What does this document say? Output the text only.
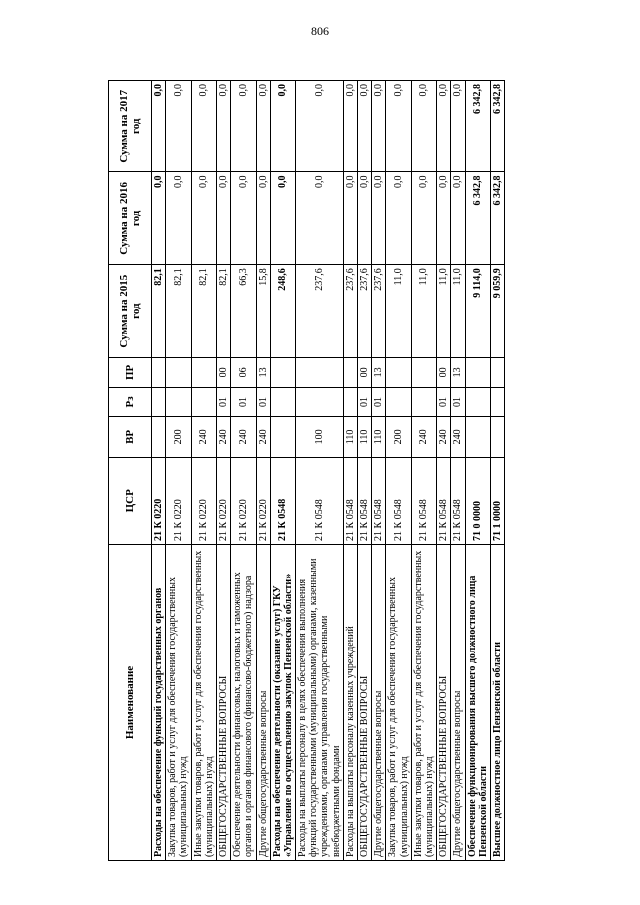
806
Наименование	ЦСР	ВР	Рз	ПР	Сумма на 2015 год	Сумма на 2016 год	Сумма на 2017 год
Расходы на обеспечение функций государственных органов	21 К 0220				82,1	0,0	0,0
Закупка товаров, работ и услуг для обеспечения государственных (муниципальных) нужд	21 К 0220	200			82,1	0,0	0,0
Иные закупки товаров, работ и услуг для обеспечения государственных (муниципальных) нужд	21 К 0220	240			82,1	0,0	0,0
ОБЩЕГОСУДАРСТВЕННЫЕ ВОПРОСЫ	21 К 0220	240	01	00	82,1	0,0	0,0
Обеспечение деятельности финансовых, налоговых и таможенных органов и органов финансового (финансово-бюджетного) надзора	21 К 0220	240	01	06	66,3	0,0	0,0
Другие общегосударственные вопросы	21 К 0220	240	01	13	15,8	0,0	0,0
Расходы на обеспечение деятельности (оказание услуг) ГКУ «Управление по осуществлению закупок Пензенской области»	21 К 0548				248,6	0,0	0,0
Расходы на выплаты персоналу в целях обеспечения выполнения функций государственными (муниципальными) органами, казенными учреждениями, органами управления государственными внебюджетными фондами	21 К 0548	100			237,6	0,0	0,0
Расходы на выплаты персоналу казенных учреждений	21 К 0548	110			237,6	0,0	0,0
ОБЩЕГОСУДАРСТВЕННЫЕ ВОПРОСЫ	21 К 0548	110	01	00	237,6	0,0	0,0
Другие общегосударственные вопросы	21 К 0548	110	01	13	237,6	0,0	0,0
Закупка товаров, работ и услуг для обеспечения государственных (муниципальных) нужд	21 К 0548	200			11,0	0,0	0,0
Иные закупки товаров, работ и услуг для обеспечения государственных (муниципальных) нужд	21 К 0548	240			11,0	0,0	0,0
ОБЩЕГОСУДАРСТВЕННЫЕ ВОПРОСЫ	21 К 0548	240	01	00	11,0	0,0	0,0
Другие общегосударственные вопросы	21 К 0548	240	01	13	11,0	0,0	0,0
Обеспечение функционирования высшего должностного лица Пензенской области	71 0 0000				9 114,0	6 342,8	6 342,8
Высшее должностное лицо Пензенской области	71 1 0000				9 059,9	6 342,8	6 342,8
